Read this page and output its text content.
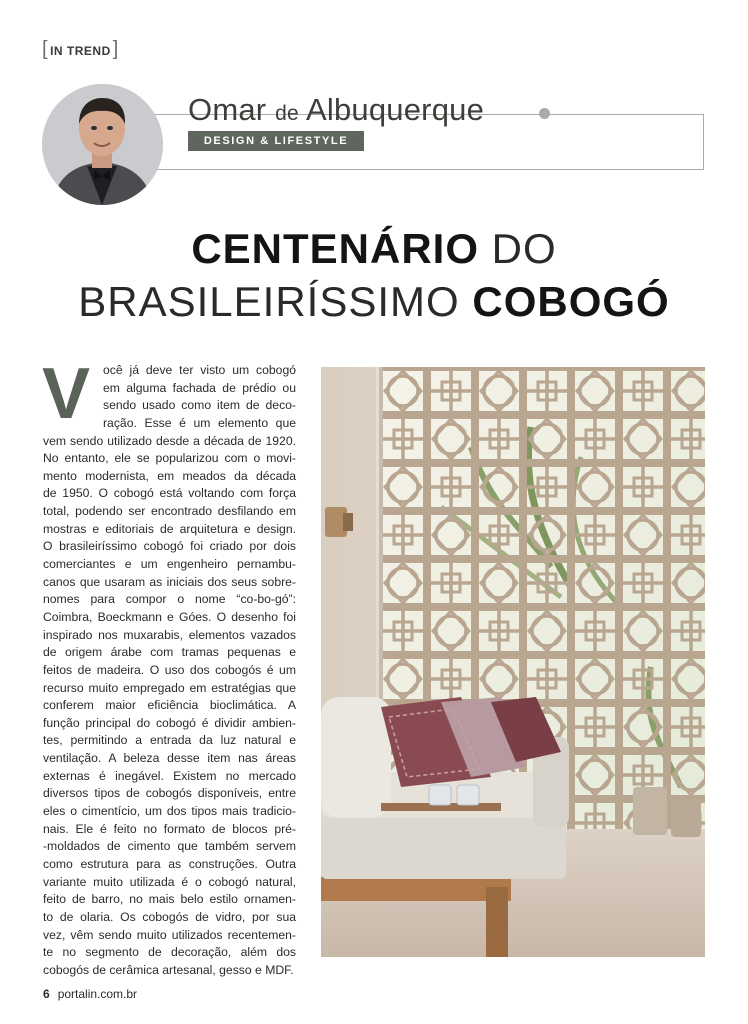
[ IN TREND ]
Omar de Albuquerque
DESIGN & LIFESTYLE
CENTENÁRIO DO
BRASILEIRÍSSIMO COBOGÓ
V	ocê já deve ter visto um cobogó
em alguma fachada de prédio ou
sendo usado como item de deco-
ração. Esse é um elemento que
vem sendo utilizado desde a década de 1920.
No entanto, ele se popularizou com o movi-
mento modernista, em meados da década
de 1950. O cobogó está voltando com força
total, podendo ser encontrado desfilando em
mostras e editoriais de arquitetura e design.
O brasileiríssimo cobogó foi criado por dois
comerciantes e um engenheiro pernambu-
canos que usaram as iniciais dos seus sobre-
nomes para compor o nome “co-bo-gó”:
Coimbra, Boeckmann e Góes. O desenho foi
inspirado nos muxarabis, elementos vazados
de origem árabe com tramas pequenas e
feitos de madeira. O uso dos cobogós é um
recurso muito empregado em estratégias que
conferem maior eficiência bioclimática. A
função principal do cobogó é dividir ambien-
tes, permitindo a entrada da luz natural e
ventilação. A beleza desse item nas áreas
externas é inegável. Existem no mercado
diversos tipos de cobogós disponíveis, entre
eles o cimentício, um dos tipos mais tradicio-
nais. Ele é feito no formato de blocos pré-
-moldados de cimento que também servem
como estrutura para as construções. Outra
variante muito utilizada é o cobogó natural,
feito de barro, no mais belo estilo ornamen-
to de olaria. Os cobogós de vidro, por sua
vez, vêm sendo muito utilizados recentemen-
te no segmento de decoração, além dos
cobogós de cerâmica artesanal, gesso e MDF.
6 portalin.com.br
